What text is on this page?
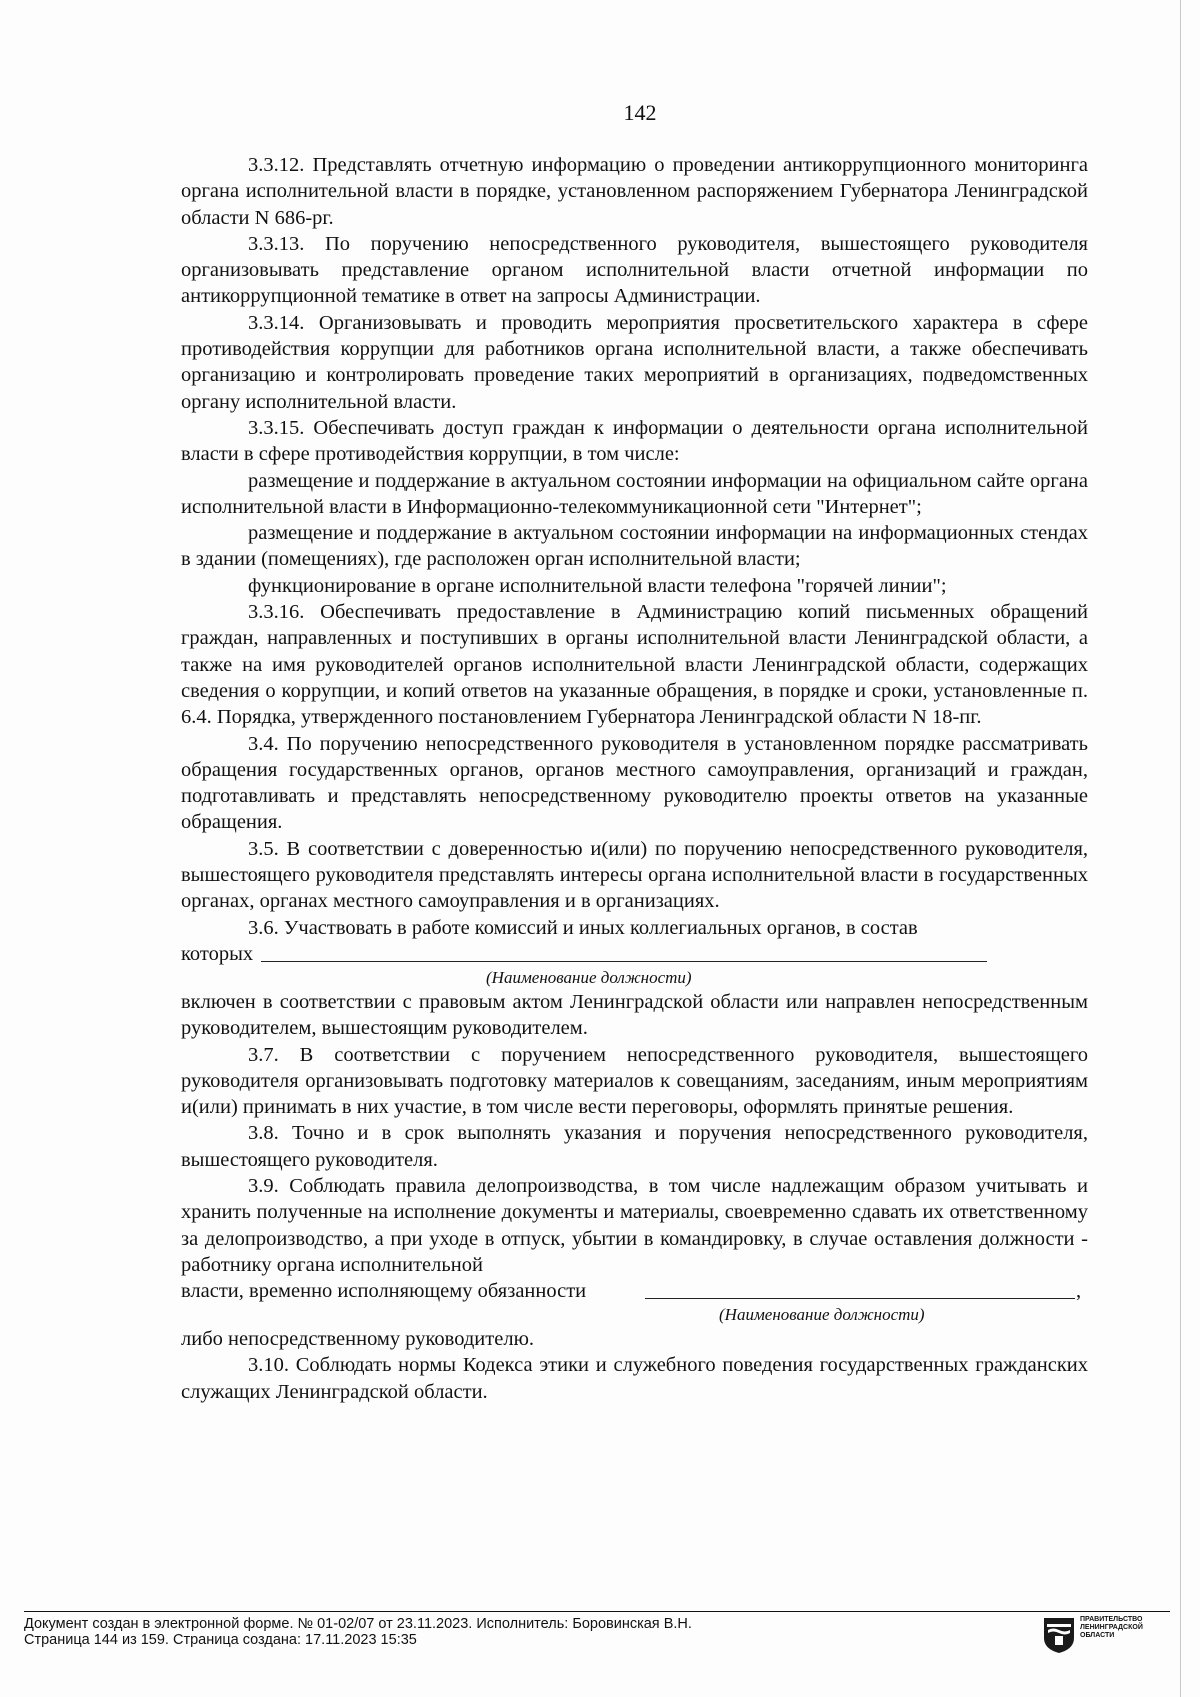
142

3.3.12. Представлять отчетную информацию о проведении антикоррупционного мониторинга органа исполнительной власти в порядке, установленном распоряжением Губернатора Ленинградской области N 686-рг.

3.3.13. По поручению непосредственного руководителя, вышестоящего руководителя организовывать представление органом исполнительной власти отчетной информации по антикоррупционной тематике в ответ на запросы Администрации.

3.3.14. Организовывать и проводить мероприятия просветительского характера в сфере противодействия коррупции для работников органа исполнительной власти, а также обеспечивать организацию и контролировать проведение таких мероприятий в организациях, подведомственных органу исполнительной власти.

3.3.15. Обеспечивать доступ граждан к информации о деятельности органа исполнительной власти в сфере противодействия коррупции, в том числе:

размещение и поддержание в актуальном состоянии информации на официальном сайте органа исполнительной власти в Информационно-телекоммуникационной сети "Интернет";

размещение и поддержание в актуальном состоянии информации на информационных стендах в здании (помещениях), где расположен орган исполнительной власти;

функционирование в органе исполнительной власти телефона "горячей линии";

3.3.16. Обеспечивать предоставление в Администрацию копий письменных обращений граждан, направленных и поступивших в органы исполнительной власти Ленинградской области, а также на имя руководителей органов исполнительной власти Ленинградской области, содержащих сведения о коррупции, и копий ответов на указанные обращения, в порядке и сроки, установленные п. 6.4. Порядка, утвержденного постановлением Губернатора Ленинградской области N 18-пг.

3.4. По поручению непосредственного руководителя в установленном порядке рассматривать обращения государственных органов, органов местного самоуправления, организаций и граждан, подготавливать и представлять непосредственному руководителю проекты ответов на указанные обращения.

3.5. В соответствии с доверенностью и(или) по поручению непосредственного руководителя, вышестоящего руководителя представлять интересы органа исполнительной власти в государственных органах, органах местного самоуправления и в организациях.

3.6. Участвовать в работе комиссий и иных коллегиальных органов, в состав

которых
(Наименование должности)

включен в соответствии с правовым актом Ленинградской области или направлен непосредственным руководителем, вышестоящим руководителем.

3.7. В соответствии с поручением непосредственного руководителя, вышестоящего руководителя организовывать подготовку материалов к совещаниям, заседаниям, иным мероприятиям и(или) принимать в них участие, в том числе вести переговоры, оформлять принятые решения.

3.8. Точно и в срок выполнять указания и поручения непосредственного руководителя, вышестоящего руководителя.

3.9. Соблюдать правила делопроизводства, в том числе надлежащим образом учитывать и хранить полученные на исполнение документы и материалы, своевременно сдавать их ответственному за делопроизводство, а при уходе в отпуск, убытии в командировку, в случае оставления должности - работнику органа исполнительной

власти, временно исполняющему обязанности	,
(Наименование должности)

либо непосредственному руководителю.

3.10. Соблюдать нормы Кодекса этики и служебного поведения государственных гражданских служащих Ленинградской области.

Документ создан в электронной форме. № 01-02/07 от 23.11.2023. Исполнитель: Боровинская В.Н.
Страница 144 из 159. Страница создана: 17.11.2023 15:35
ПРАВИТЕЛЬСТВО ЛЕНИНГРАДСКОЙ ОБЛАСТИ
